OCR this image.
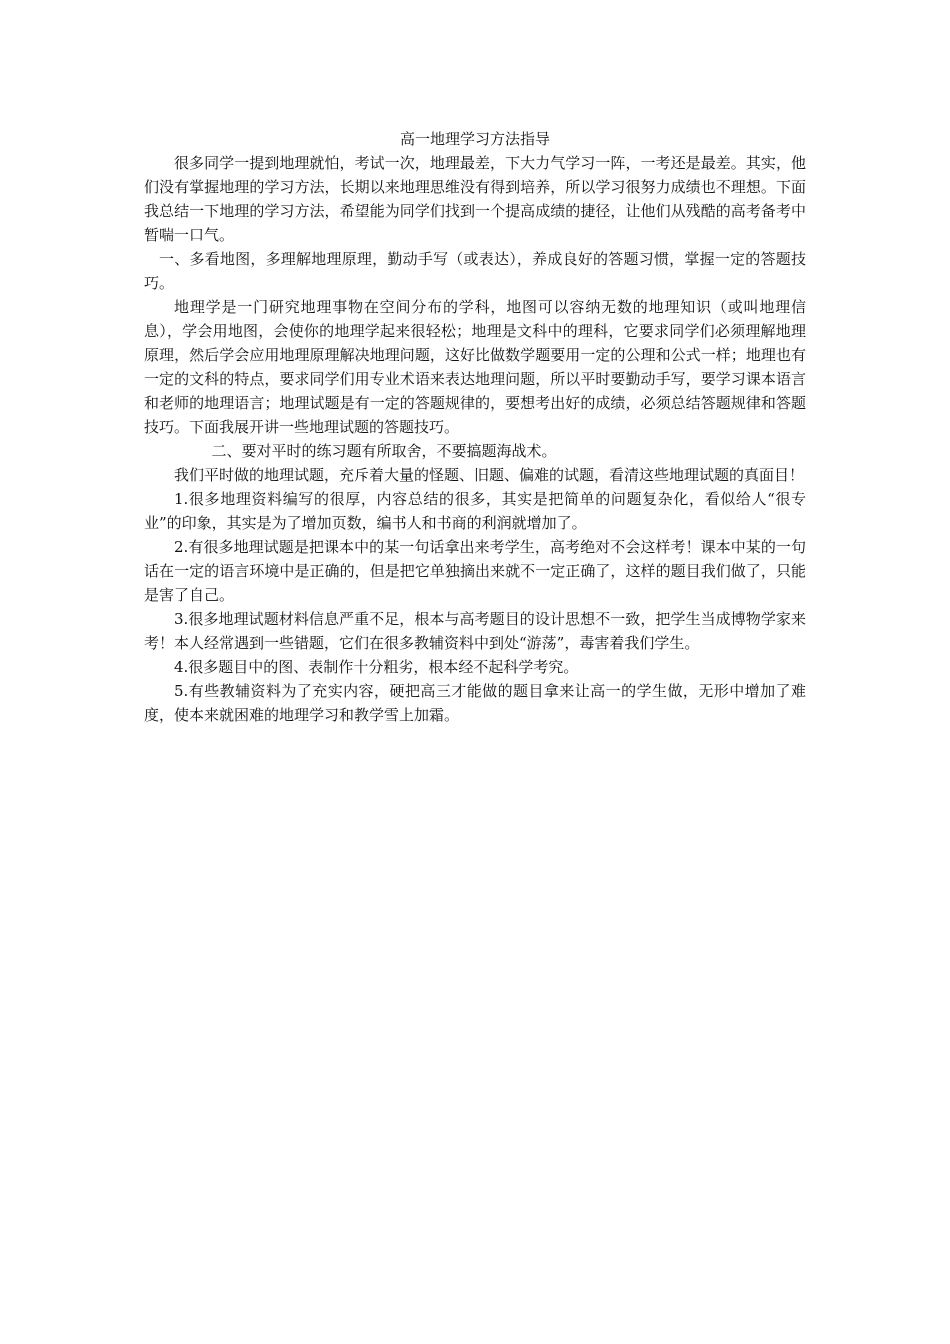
高一地理学习方法指导

很多同学一提到地理就怕，考试一次，地理最差，下大力气学习一阵，一考还是最差。其实，他们没有掌握地理的学习方法，长期以来地理思维没有得到培养，所以学习很努力成绩也不理想。下面我总结一下地理的学习方法，希望能为同学们找到一个提高成绩的捷径，让他们从残酷的高考备考中暂喘一口气。

一、多看地图，多理解地理原理，勤动手写（或表达），养成良好的答题习惯，掌握一定的答题技巧。

地理学是一门研究地理事物在空间分布的学科，地图可以容纳无数的地理知识（或叫地理信息），学会用地图，会使你的地理学起来很轻松；地理是文科中的理科，它要求同学们必须理解地理原理，然后学会应用地理原理解决地理问题，这好比做数学题要用一定的公理和公式一样；地理也有一定的文科的特点，要求同学们用专业术语来表达地理问题，所以平时要勤动手写，要学习课本语言和老师的地理语言；地理试题是有一定的答题规律的，要想考出好的成绩，必须总结答题规律和答题技巧。下面我展开讲一些地理试题的答题技巧。

二、要对平时的练习题有所取舍，不要搞题海战术。

我们平时做的地理试题，充斥着大量的怪题、旧题、偏难的试题，看清这些地理试题的真面目！

1.很多地理资料编写的很厚，内容总结的很多，其实是把简单的问题复杂化，看似给人“很专业”的印象，其实是为了增加页数，编书人和书商的利润就增加了。

2.有很多地理试题是把课本中的某一句话拿出来考学生，高考绝对不会这样考！课本中某的一句话在一定的语言环境中是正确的，但是把它单独摘出来就不一定正确了，这样的题目我们做了，只能是害了自己。

3.很多地理试题材料信息严重不足，根本与高考题目的设计思想不一致，把学生当成博物学家来考！本人经常遇到一些错题，它们在很多教辅资料中到处“游荡”，毒害着我们学生。

4.很多题目中的图、表制作十分粗劣，根本经不起科学考究。

5.有些教辅资料为了充实内容，硬把高三才能做的题目拿来让高一的学生做，无形中增加了难度，使本来就困难的地理学习和教学雪上加霜。
